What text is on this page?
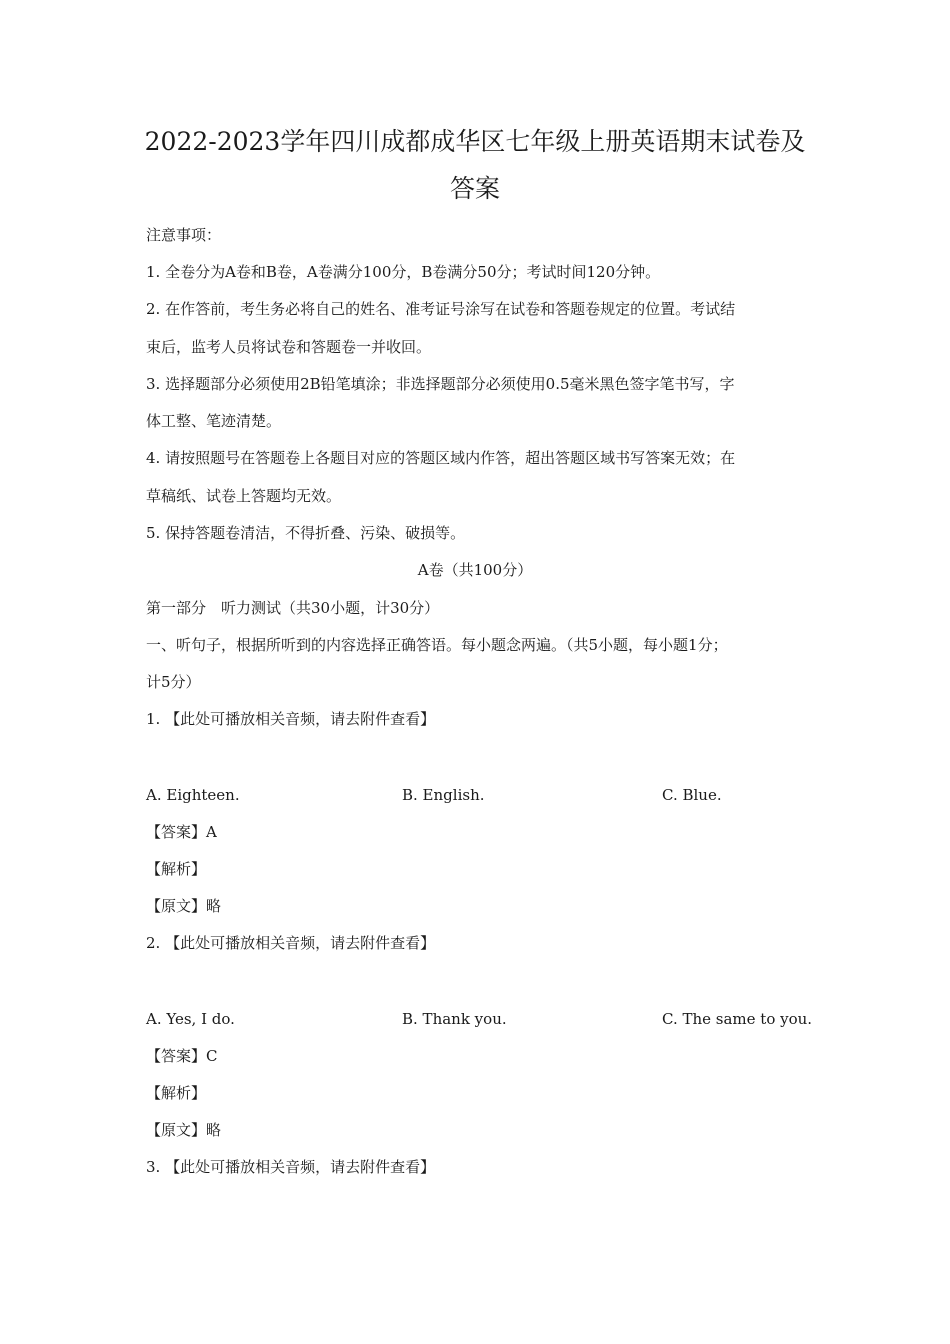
2022-2023学年四川成都成华区七年级上册英语期末试卷及
答案
注意事项：
1. 全卷分为A卷和B卷，A卷满分100分，B卷满分50分；考试时间120分钟。
2. 在作答前，考生务必将自己的姓名、准考证号涂写在试卷和答题卷规定的位置。考试结
束后，监考人员将试卷和答题卷一并收回。
3. 选择题部分必须使用2B铅笔填涂；非选择题部分必须使用0.5毫米黑色签字笔书写，字
体工整、笔迹清楚。
4. 请按照题号在答题卷上各题目对应的答题区域内作答，超出答题区域书写答案无效；在
草稿纸、试卷上答题均无效。
5. 保持答题卷清洁，不得折叠、污染、破损等。
A卷（共100分）
第一部分　听力测试（共30小题，计30分）
一、听句子，根据所听到的内容选择正确答语。每小题念两遍。（共5小题，每小题1分；
计5分）
1. 【此处可播放相关音频，请去附件查看】
A. Eighteen.	B. English.	C. Blue.
【答案】A
【解析】
【原文】略
2. 【此处可播放相关音频，请去附件查看】
A. Yes, I do.	B. Thank you.	C. The same to you.
【答案】C
【解析】
【原文】略
3. 【此处可播放相关音频，请去附件查看】
